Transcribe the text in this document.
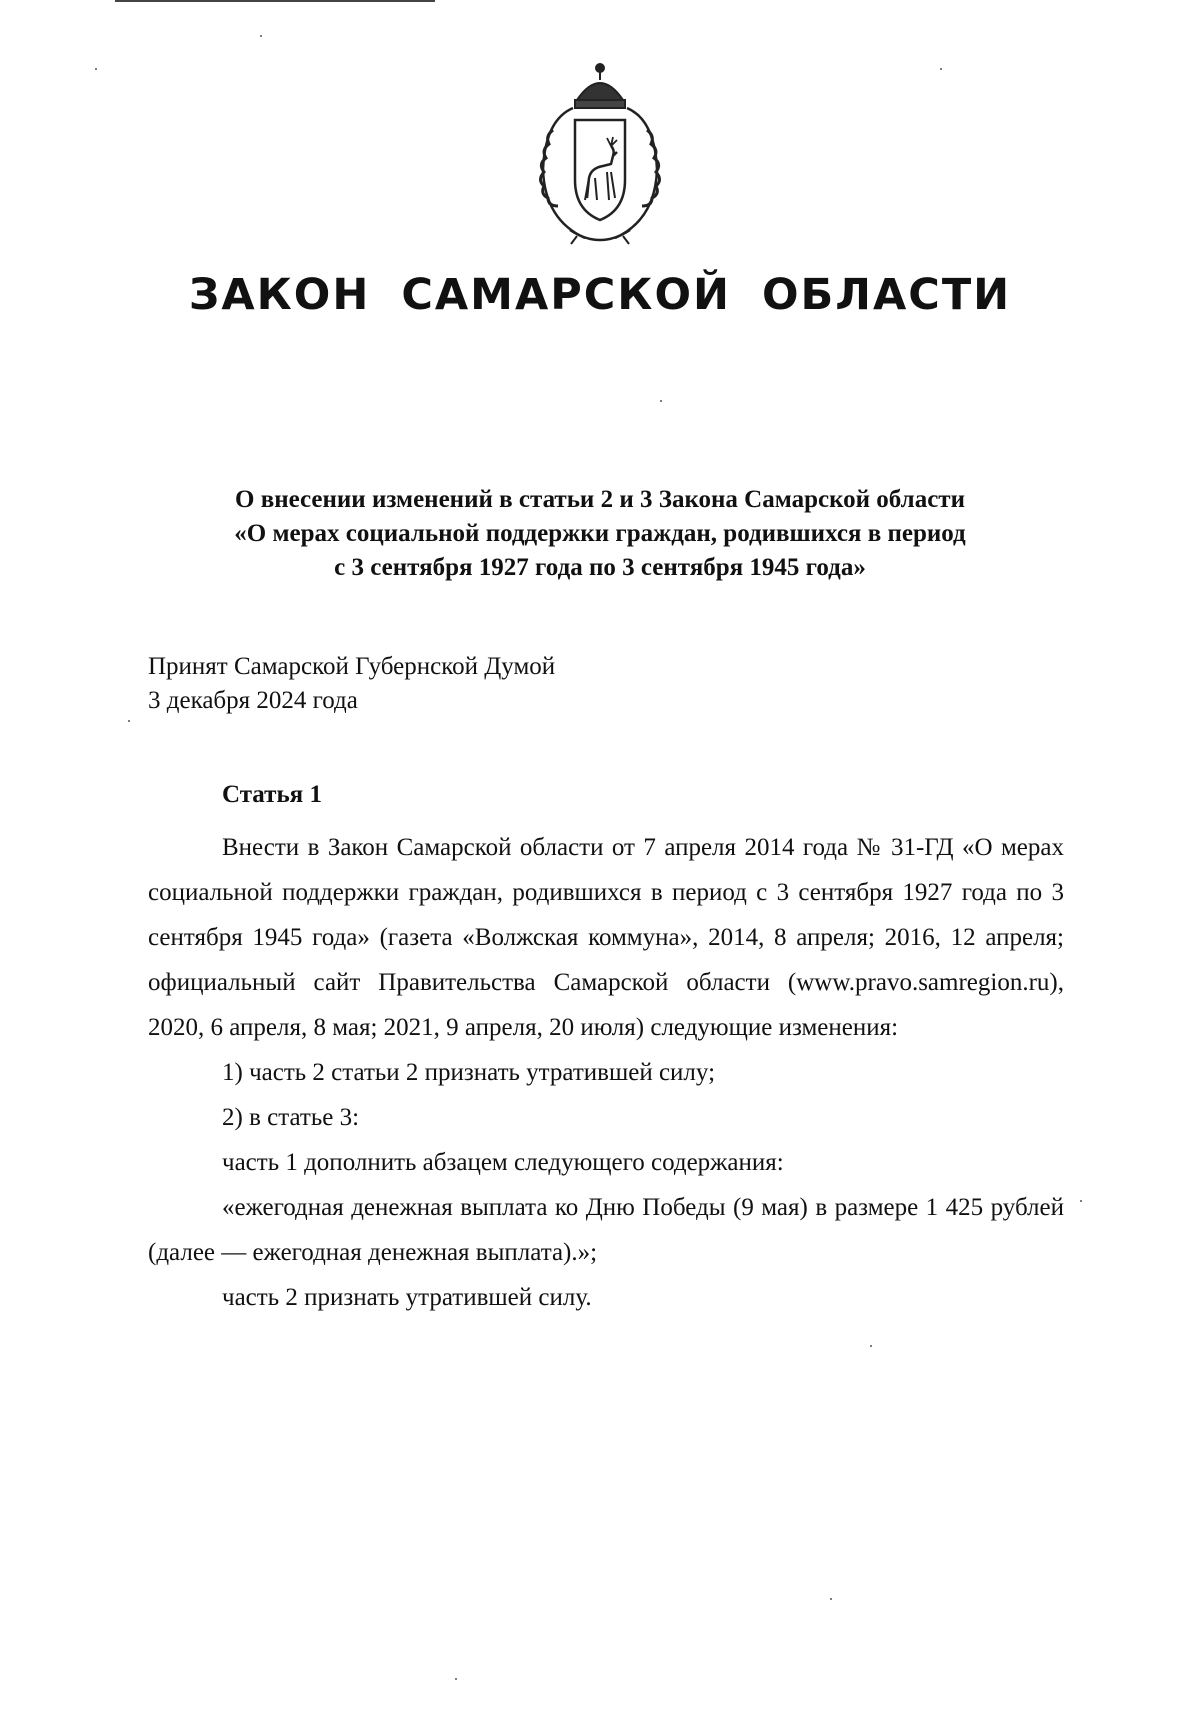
ЗАКОН САМАРСКОЙ ОБЛАСТИ
О внесении изменений в статьи 2 и 3 Закона Самарской области
«О мерах социальной поддержки граждан, родившихся в период
с 3 сентября 1927 года по 3 сентября 1945 года»
Принят Самарской Губернской Думой
3 декабря 2024 года
Статья 1

Внести в Закон Самарской области от 7 апреля 2014 года № 31-ГД «О мерах социальной поддержки граждан, родившихся в период с 3 сентября 1927 года по 3 сентября 1945 года» (газета «Волжская коммуна», 2014, 8 апреля; 2016, 12 апреля; официальный сайт Правительства Самарской области (www.pravo.samregion.ru), 2020, 6 апреля, 8 мая; 2021, 9 апреля, 20 июля) следующие изменения:

1) часть 2 статьи 2 признать утратившей силу;

2) в статье 3:

часть 1 дополнить абзацем следующего содержания:

«ежегодная денежная выплата ко Дню Победы (9 мая) в размере 1 425 рублей (далее — ежегодная денежная выплата).»;

часть 2 признать утратившей силу.
